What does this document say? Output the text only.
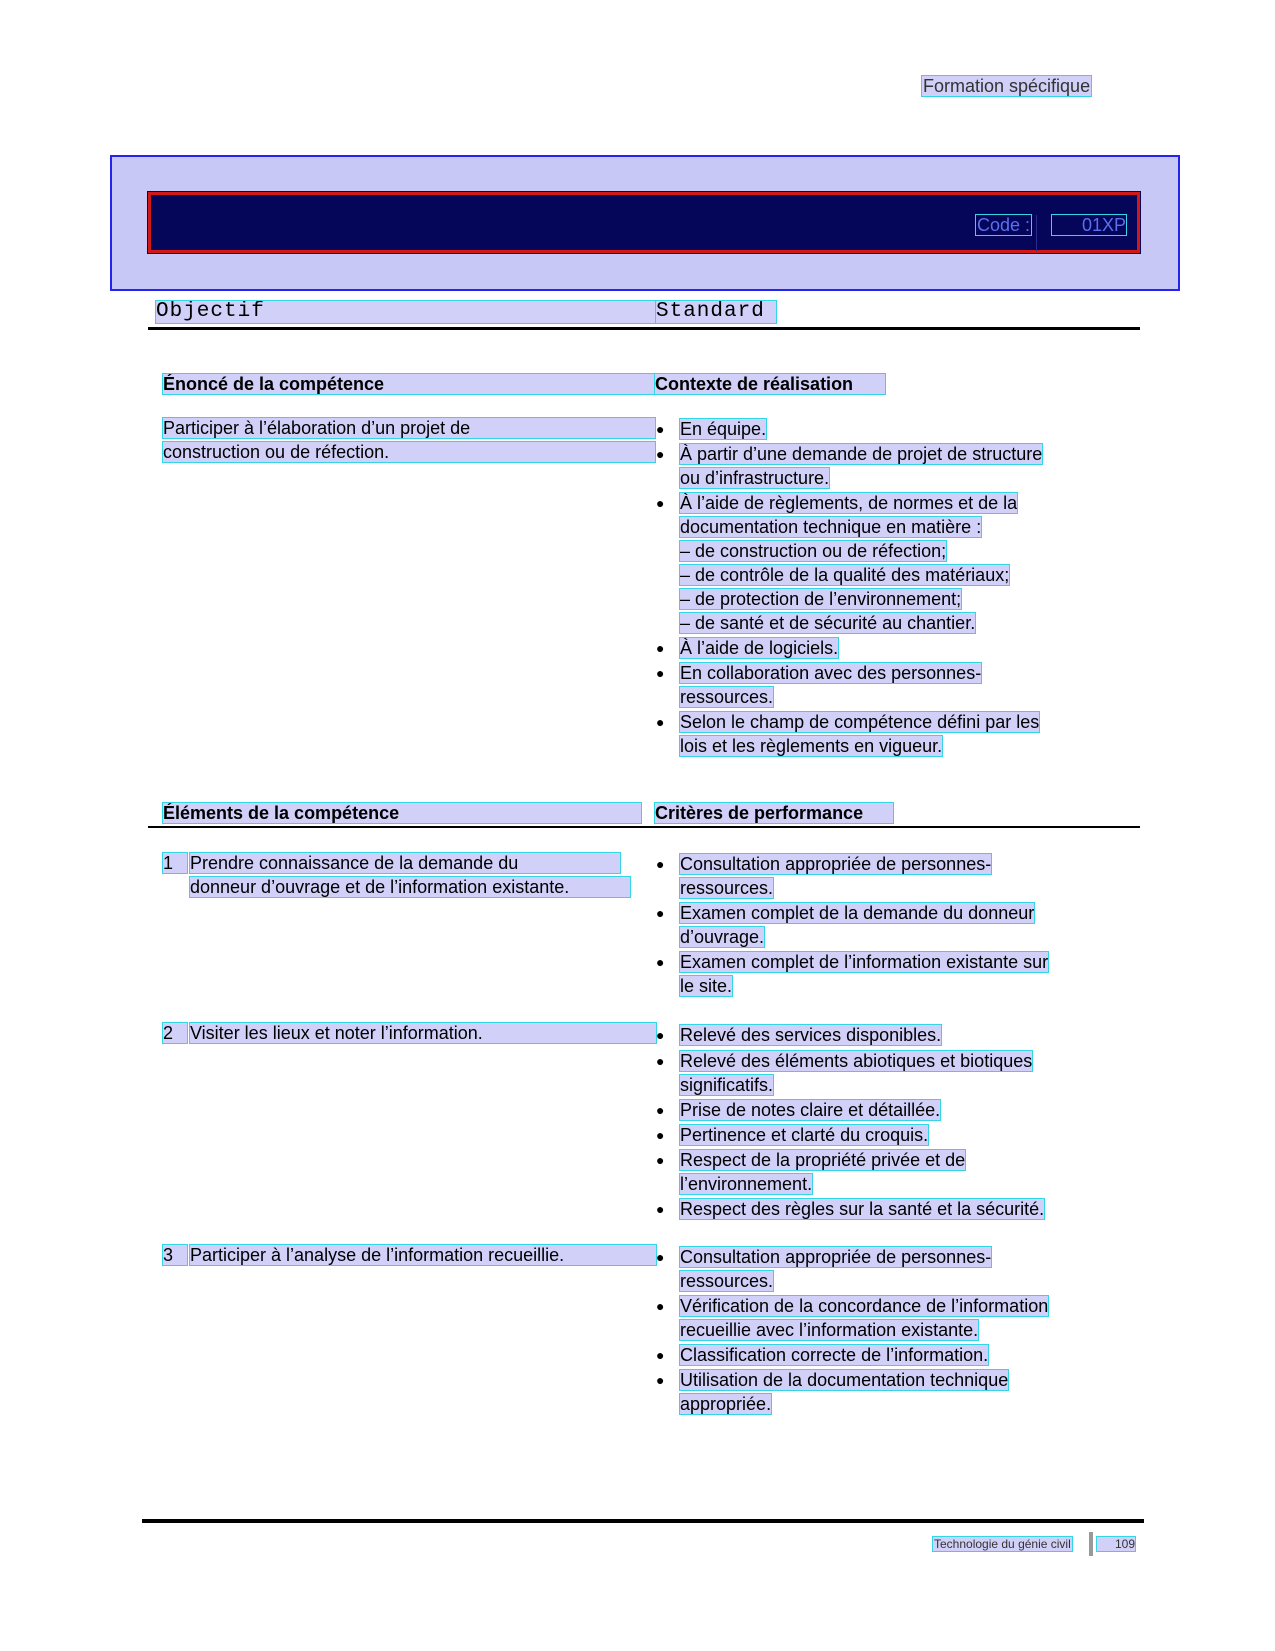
Formation spécifique
Code :	01XP
Objectif	Standard
Énoncé de la compétence	Contexte de réalisation
Participer à l’élaboration d’un projet de
construction ou de réfection.
● En équipe.
● À partir d’une demande de projet de structure
ou d’infrastructure.
● À l’aide de règlements, de normes et de la
documentation technique en matière :
– de construction ou de réfection;
– de contrôle de la qualité des matériaux;
– de protection de l’environnement;
– de santé et de sécurité au chantier.
● À l’aide de logiciels.
● En collaboration avec des personnes-
ressources.
● Selon le champ de compétence défini par les
lois et les règlements en vigueur.
Éléments de la compétence	Critères de performance
1 Prendre connaissance de la demande du
donneur d’ouvrage et de l’information existante.
● Consultation appropriée de personnes-
ressources.
● Examen complet de la demande du donneur
d’ouvrage.
● Examen complet de l’information existante sur
le site.
2 Visiter les lieux et noter l’information.	● Relevé des services disponibles.
● Relevé des éléments abiotiques et biotiques
significatifs.
● Prise de notes claire et détaillée.
● Pertinence et clarté du croquis.
● Respect de la propriété privée et de
l’environnement.
● Respect des règles sur la santé et la sécurité.
3 Participer à l’analyse de l’information recueillie.	● Consultation appropriée de personnes-
ressources.
● Vérification de la concordance de l’information
recueillie avec l’information existante.
● Classification correcte de l’information.
● Utilisation de la documentation technique
appropriée.
Technologie du génie civil	109
